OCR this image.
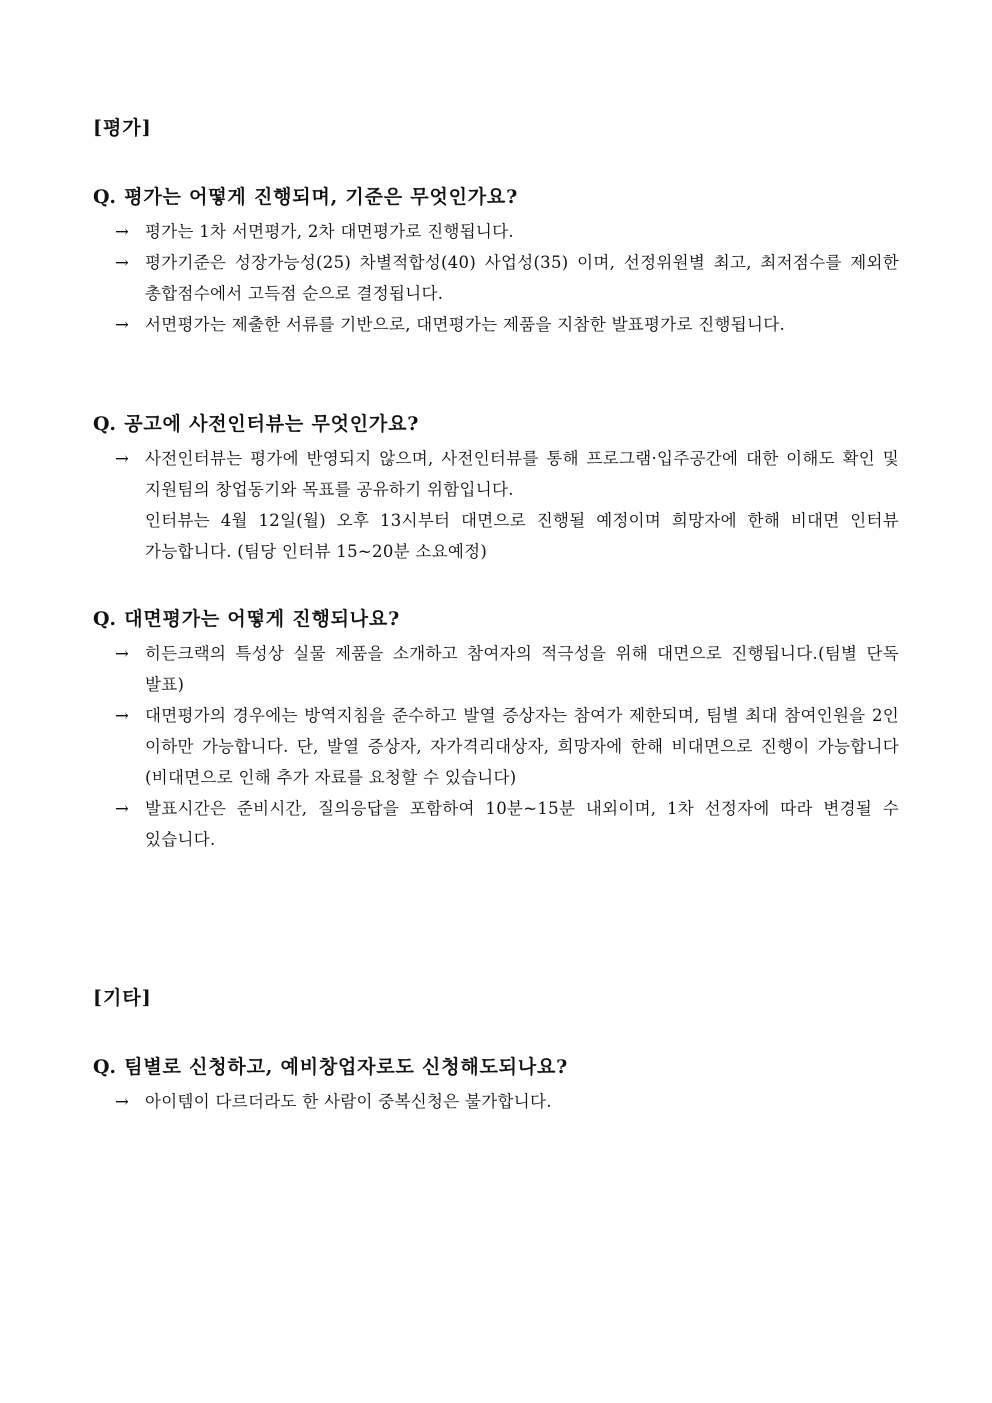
[평가]
Q. 평가는 어떻게 진행되며, 기준은 무엇인가요?
→ 평가는 1차 서면평가, 2차 대면평가로 진행됩니다.
→ 평가기준은 성장가능성(25) 차별적합성(40) 사업성(35) 이며, 선정위원별 최고, 최저점수를 제외한 총합점수에서 고득점 순으로 결정됩니다.
→ 서면평가는 제출한 서류를 기반으로, 대면평가는 제품을 지참한 발표평가로 진행됩니다.
Q. 공고에 사전인터뷰는 무엇인가요?
→ 사전인터뷰는 평가에 반영되지 않으며, 사전인터뷰를 통해 프로그램·입주공간에 대한 이해도 확인 및 지원팀의 창업동기와 목표를 공유하기 위함입니다.
인터뷰는 4월 12일(월) 오후 13시부터 대면으로 진행될 예정이며 희망자에 한해 비대면 인터뷰 가능합니다. (팀당 인터뷰 15~20분 소요예정)
Q. 대면평가는 어떻게 진행되나요?
→ 히든크랙의 특성상 실물 제품을 소개하고 참여자의 적극성을 위해 대면으로 진행됩니다.(팀별 단독 발표)
→ 대면평가의 경우에는 방역지침을 준수하고 발열 증상자는 참여가 제한되며, 팀별 최대 참여인원을 2인 이하만 가능합니다. 단, 발열 증상자, 자가격리대상자, 희망자에 한해 비대면으로 진행이 가능합니다(비대면으로 인해 추가 자료를 요청할 수 있습니다)
→ 발표시간은 준비시간, 질의응답을 포함하여 10분~15분 내외이며, 1차 선정자에 따라 변경될 수 있습니다.
[기타]
Q. 팀별로 신청하고, 예비창업자로도 신청해도되나요?
→ 아이템이 다르더라도 한 사람이 중복신청은 불가합니다.
